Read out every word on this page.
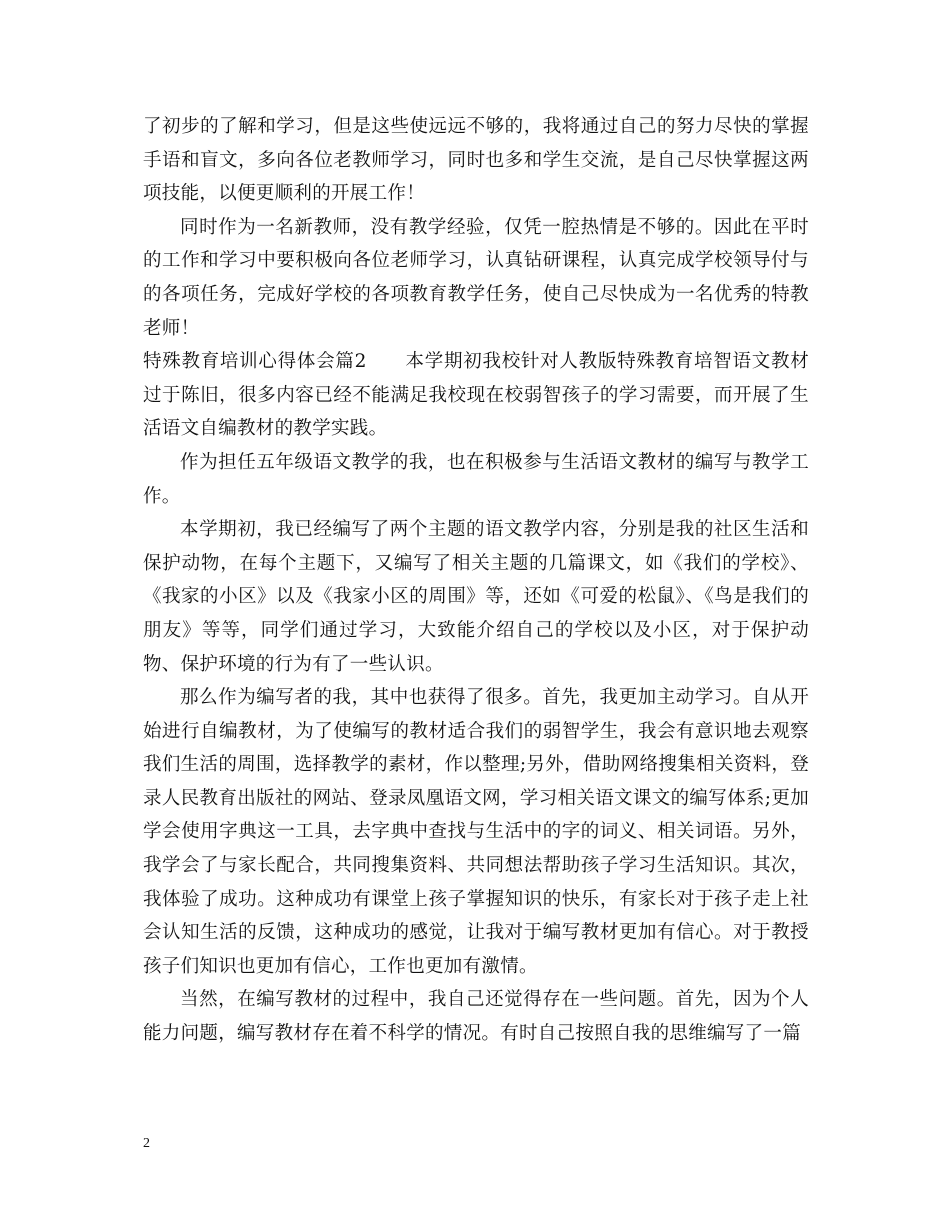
了初步的了解和学习，但是这些使远远不够的，我将通过自己的努力尽快的掌握手语和盲文，多向各位老教师学习，同时也多和学生交流，是自己尽快掌握这两项技能，以便更顺利的开展工作！

同时作为一名新教师，没有教学经验，仅凭一腔热情是不够的。因此在平时的工作和学习中要积极向各位老师学习，认真钻研课程，认真完成学校领导付与的各项任务，完成好学校的各项教育教学任务，使自己尽快成为一名优秀的特教老师！

特殊教育培训心得体会篇2　　本学期初我校针对人教版特殊教育培智语文教材过于陈旧，很多内容已经不能满足我校现在校弱智孩子的学习需要，而开展了生活语文自编教材的教学实践。

作为担任五年级语文教学的我，也在积极参与生活语文教材的编写与教学工作。

本学期初，我已经编写了两个主题的语文教学内容，分别是我的社区生活和保护动物，在每个主题下，又编写了相关主题的几篇课文，如《我们的学校》、《我家的小区》以及《我家小区的周围》等，还如《可爱的松鼠》、《鸟是我们的朋友》等等，同学们通过学习，大致能介绍自己的学校以及小区，对于保护动物、保护环境的行为有了一些认识。

那么作为编写者的我，其中也获得了很多。首先，我更加主动学习。自从开始进行自编教材，为了使编写的教材适合我们的弱智学生，我会有意识地去观察我们生活的周围，选择教学的素材，作以整理;另外，借助网络搜集相关资料，登录人民教育出版社的网站、登录凤凰语文网，学习相关语文课文的编写体系;更加学会使用字典这一工具，去字典中查找与生活中的字的词义、相关词语。另外，我学会了与家长配合，共同搜集资料、共同想法帮助孩子学习生活知识。其次，我体验了成功。这种成功有课堂上孩子掌握知识的快乐，有家长对于孩子走上社会认知生活的反馈，这种成功的感觉，让我对于编写教材更加有信心。对于教授孩子们知识也更加有信心，工作也更加有激情。

当然，在编写教材的过程中，我自己还觉得存在一些问题。首先，因为个人能力问题，编写教材存在着不科学的情况。有时自己按照自我的思维编写了一篇

2
